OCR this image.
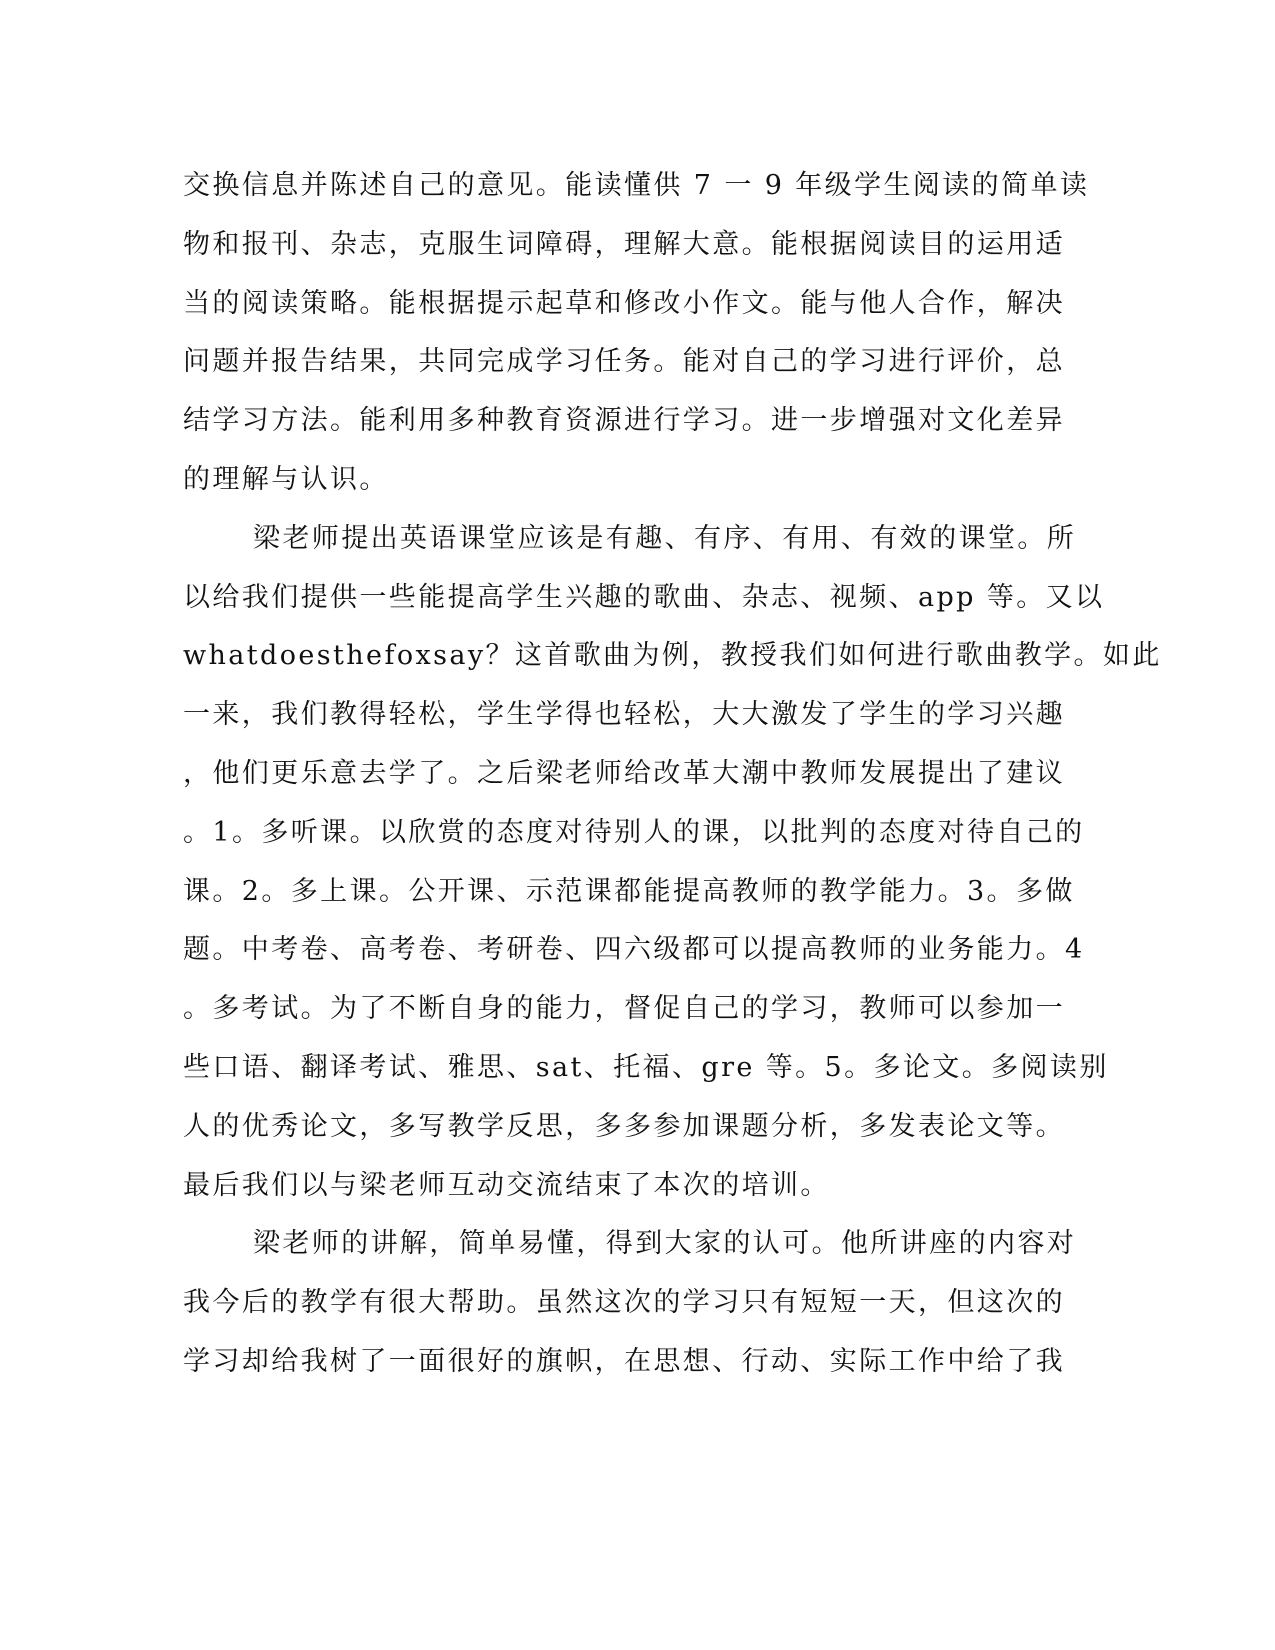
交换信息并陈述自己的意见。能读懂供 7 一 9 年级学生阅读的简单读
物和报刊、杂志，克服生词障碍，理解大意。能根据阅读目的运用适
当的阅读策略。能根据提示起草和修改小作文。能与他人合作，解决
问题并报告结果，共同完成学习任务。能对自己的学习进行评价，总
结学习方法。能利用多种教育资源进行学习。进一步增强对文化差异
的理解与认识。
梁老师提出英语课堂应该是有趣、有序、有用、有效的课堂。所
以给我们提供一些能提高学生兴趣的歌曲、杂志、视频、app 等。又以
whatdoesthefoxsay？这首歌曲为例，教授我们如何进行歌曲教学。如此
一来，我们教得轻松，学生学得也轻松，大大激发了学生的学习兴趣
，他们更乐意去学了。之后梁老师给改革大潮中教师发展提出了建议
。1。多听课。以欣赏的态度对待别人的课，以批判的态度对待自己的
课。2。多上课。公开课、示范课都能提高教师的教学能力。3。多做
题。中考卷、高考卷、考研卷、四六级都可以提高教师的业务能力。4
。多考试。为了不断自身的能力，督促自己的学习，教师可以参加一
些口语、翻译考试、雅思、sat、托福、gre 等。5。多论文。多阅读别
人的优秀论文，多写教学反思，多多参加课题分析，多发表论文等。
最后我们以与梁老师互动交流结束了本次的培训。
梁老师的讲解，简单易懂，得到大家的认可。他所讲座的内容对
我今后的教学有很大帮助。虽然这次的学习只有短短一天，但这次的
学习却给我树了一面很好的旗帜，在思想、行动、实际工作中给了我
